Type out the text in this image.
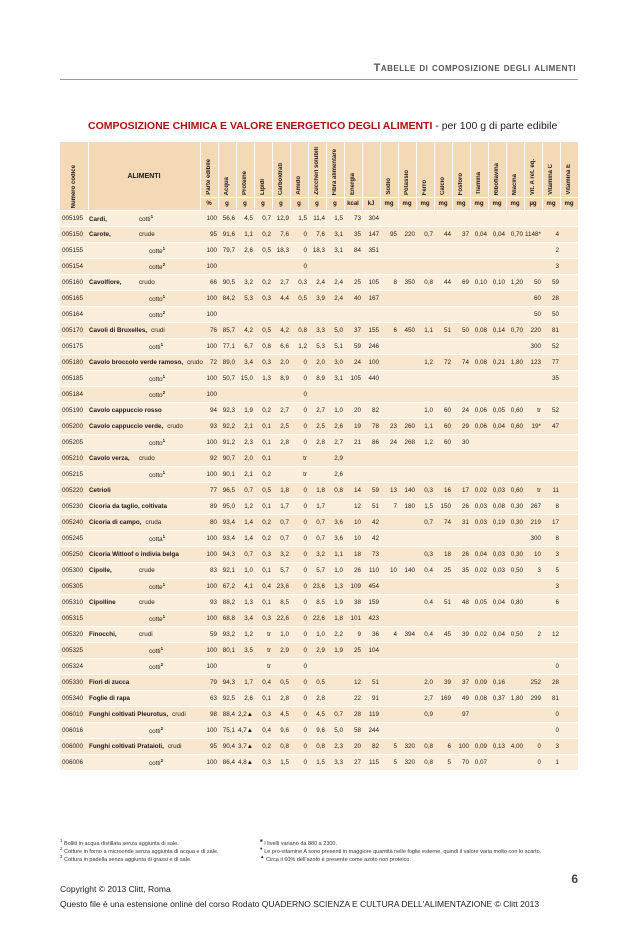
Tabelle di composizione degli alimenti
COMPOSIZIONE CHIMICA E VALORE ENERGETICO DEGLI ALIMENTI - per 100 g di parte edibile
Numero codice	ALIMENTI	Parte edibile	Acqua	Proteine	Lipidi	Carboidrati	Amido	Zuccheri solubili	Fibra alimentare	Energia		Sodio	Potassio	Ferro	Calcio	Fosforo	Tiamina	Riboflavina	Niacina	Vit. A ret. eq.	Vitamina C	Vitamina E
		%	g	g	g	g	g	g	g	kcal	kJ	mg	mg	mg	mg	mg	mg	mg	mg	µg	mg	mg
005195	Cardi, cotti$^1$	100	56,6	4,5	0,7	12,9	1,5	11,4	1,5	73	304											
005150	Carote, crude	95	91,6	1,1	0,2	7,6	0	7,6	3,1	35	147	95	220	0,7	44	37	0,04	0,04	0,70	1148*	4	
005155	cotte$^1$	100	79,7	2,6	0,5	18,3	0	18,3	3,1	84	351										2	
005154	cotte$^2$	100					0														3	
005160	Cavolfiore, crudo	66	90,5	3,2	0,2	2,7	0,3	2,4	2,4	25	105	8	350	0,8	44	69	0,10	0,10	1,20	50	59	
005165	cotto$^1$	100	84,2	5,3	0,3	4,4	0,5	3,9	2,4	40	167									60	28	
005164	cotto$^2$	100																		50	50	
005170	Cavoli di Bruxelles, crudi	76	85,7	4,2	0,5	4,2	0,8	3,3	5,0	37	155	6	450	1,1	51	50	0,08	0,14	0,70	220	81	
005175	cotti$^1$	100	77,1	6,7	0,8	6,6	1,2	5,3	5,1	59	246									300	52	
005180	Cavolo broccolo verde ramoso, crudo	72	89,0	3,4	0,3	2,0	0	2,0	3,0	24	100			1,2	72	74	0,08	0,21	1,80	123	77	
005185	cotto$^1$	100	50,7	15,0	1,3	8,9	0	8,9	3,1	105	440										35	
005184	cotto$^2$	100					0															
005190	Cavolo cappuccio rosso	94	92,3	1,9	0,2	2,7	0	2,7	1,0	20	82			1,0	60	24	0,06	0,05	0,60	tr	52	
005200	Cavolo cappuccio verde, crudo	93	92,2	2,1	0,1	2,5	0	2,5	2,6	19	78	23	260	1,1	60	29	0,06	0,04	0,60	19*	47	
005205	cotto$^1$	100	91,2	2,3	0,1	2,8	0	2,8	2,7	21	86	24	268	1,2	60	30						
005210	Cavolo verza, crudo	92	90,7	2,0	0,1		tr		2,9													
005215	cotto$^1$	100	90,1	2,1	0,2		tr		2,6													
005220	Cetrioli	77	96,5	0,7	0,5	1,8	0	1,8	0,8	14	59	13	140	0,3	16	17	0,02	0,03	0,60	tr	11	
005230	Cicoria da taglio, coltivata	89	95,0	1,2	0,1	1,7	0	1,7		12	51	7	180	1,5	150	26	0,03	0,08	0,30	267	8	
005240	Cicoria di campo, cruda	80	93,4	1,4	0,2	0,7	0	0,7	3,6	10	42			0,7	74	31	0,03	0,19	0,30	219	17	
005245	cotta$^1$	100	93,4	1,4	0,2	0,7	0	0,7	3,6	10	42									300	8	
005250	Cicoria Witloof o indivia belga	100	94,3	0,7	0,3	3,2	0	3,2	1,1	18	73			0,3	18	26	0,04	0,03	0,30	10	3	
005300	Cipolle, crude	83	92,1	1,0	0,1	5,7	0	5,7	1,0	26	110	10	140	0,4	25	35	0,02	0,03	0,50	3	5	
005305	cotte$^1$	100	67,2	4,1	0,4	23,6	0	23,6	1,3	109	454										3	
005310	Cipolline crude	93	88,2	1,3	0,1	8,5	0	8,5	1,9	38	159			0,4	51	48	0,05	0,04	0,80		6	
005315	cotte$^1$	100	68,8	3,4	0,3	22,6	0	22,6	1,8	101	423											
005320	Finocchi, crudi	59	93,2	1,2	tr	1,0	0	1,0	2,2	9	36	4	394	0,4	45	39	0,02	0,04	0,50	2	12	
005325	cotti$^1$	100	80,1	3,5	tr	2,9	0	2,9	1,9	25	104											
005324	cotti$^2$	100			tr		0														0	
005330	Fiori di zucca	79	94,3	1,7	0,4	0,5	0	0,5		12	51			2,0	39	37	0,09	0,16		252	28	
005340	Foglie di rapa	63	92,5	2,6	0,1	2,8	0	2,8		22	91			2,7	169	49	0,08	0,37	1,80	299	81	
006010	Funghi coltivati Pleurotus, crudi	98	88,4	2,2▲	0,3	4,5	0	4,5	0,7	28	119			0,9		97					0	
006016	cotti$^2$	100	75,1	4,7▲	0,4	9,6	0	9,6	5,0	58	244										0	
006000	Funghi coltivati Prataioli, crudi	95	90,4	3,7▲	0,2	0,8	0	0,8	2,3	20	82	5	320	0,8	6	100	0,09	0,13	4,00	0	3	
006006	cotti$^2$	100	86,4	4,8▲	0,3	1,5	0	1,5	3,3	27	115	5	320	0,8	5	70	0,07			0	1	
$^1$ Bolliti in acqua distillata senza aggiunta di sale.
$^2$ Cotture in forno a microonde senza aggiunta di acqua e di sale.
$^3$ Cottura in padella senza aggiunta di grassi e di sale.
■ I livelli variano da 880 a 2300.
● Le pro-vitamine A sono presenti in maggiore quantità nelle foglie esterne, quindi il valore varia molto con lo scarto.
▲ Circa il 60% dell’azoto è presente come azoto non proteico.
Copyright © 2013 Clitt, Roma
Questo file è una estensione online del corso Rodato QUADERNO SCIENZA E CULTURA DELL'ALIMENTAZIONE © Clitt 2013
6
